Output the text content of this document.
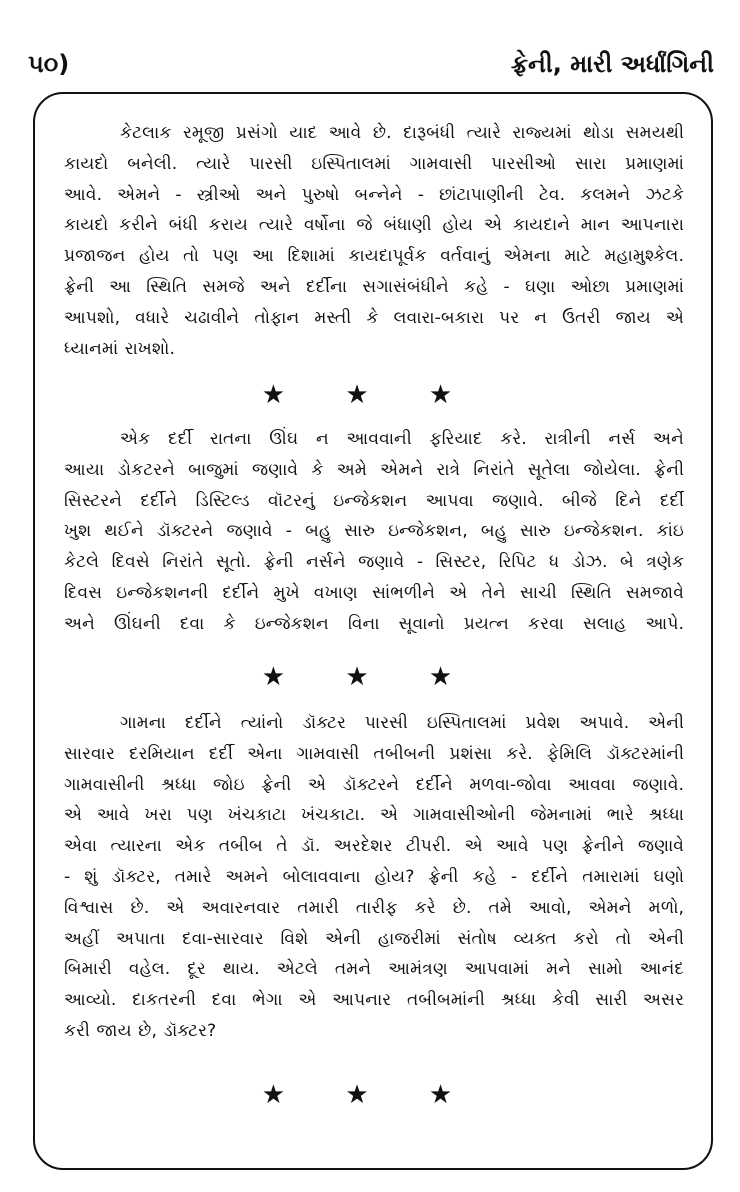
૫૦)	ફ્રેની, મારી અર્ધાંગિની

કેટલાક રમૂજી પ્રસંગો યાદ આવે છે. દારૂબંધી ત્યારે રાજ્યમાં થોડા સમયથી
કાયદો બનેલી. ત્યારે પારસી ઇસ્પિતાલમાં ગામવાસી પારસીઓ સારા પ્રમાણમાં
આવે. એમને - સ્ત્રીઓ અને પુરુષો બન્નેને - છાંટાપાણીની ટેવ. કલમને ઝટકે
કાયદો કરીને બંધી કરાય ત્યારે વર્ષોના જે બંધાણી હોય એ કાયદાને માન આપનારા
પ્રજાજન હોય તો પણ આ દિશામાં કાયદાપૂર્વક વર્તવાનું એમના માટે મહામુશ્કેલ.
ફ્રેની આ સ્થિતિ સમજે અને દર્દીના સગાસંબંધીને કહે - ઘણા ઓછા પ્રમાણમાં
આપશો, વધારે ચઢાવીને તોફાન મસ્તી કે લવારા-બકારા પર ન ઉતરી જાય એ
ધ્યાનમાં રાખશો.

★ ★ ★

એક દર્દી રાતના ઊંઘ ન આવવાની ફરિયાદ કરે. રાત્રીની નર્સ અને
આયા ડોકટરને બાજુમાં જણાવે કે અમે એમને રાત્રે નિરાંતે સૂતેલા જોયેલા. ફ્રેની
સિસ્ટરને દર્દીને ડિસ્ટિલ્ડ વૉટરનું ઇન્જેકશન આપવા જણાવે. બીજે દિને દર્દી
ખુશ થઈને ડૉક્ટરને જણાવે - બહુ સારુ ઇન્જેકશન, બહુ સારુ ઇન્જેકશન. કાંઇ
કેટલે દિવસે નિરાંતે સૂતો. ફ્રેની નર્સને જણાવે - સિસ્ટર, રિપિટ ધ ડોઝ. બે ત્રણેક
દિવસ ઇન્જેકશનની દર્દીને મુખે વખાણ સાંભળીને એ તેને સાચી સ્થિતિ સમજાવે
અને ઊંઘની દવા કે ઇન્જેકશન વિના સૂવાનો પ્રયત્ન કરવા સલાહ આપે.

★ ★ ★

ગામના દર્દીને ત્યાંનો ડૉક્ટર પારસી ઇસ્પિતાલમાં પ્રવેશ અપાવે. એની
સારવાર દરમિયાન દર્દી એના ગામવાસી તબીબની પ્રશંસા કરે. ફેમિલિ ડૉક્ટરમાંની
ગામવાસીની શ્રધ્ધા જોઇ ફ્રેની એ ડૉક્ટરને દર્દીને મળવા-જોવા આવવા જણાવે.
એ આવે ખરા પણ ખંચકાટા ખંચકાટા. એ ગામવાસીઓની જેમનામાં ભારે શ્રધ્ધા
એવા ત્યારના એક તબીબ તે ડૉ. અરદેશર ટીપરી. એ આવે પણ ફ્રેનીને જણાવે
- શું ડૉક્ટર, તમારે અમને બોલાવવાના હોય? ફ્રેની કહે - દર્દીને તમારામાં ઘણો
વિશ્વાસ છે. એ અવારનવાર તમારી તારીફ કરે છે. તમે આવો, એમને મળો,
અહીં અપાતા દવા-સારવાર વિશે એની હાજરીમાં સંતોષ વ્યક્ત કરો તો એની
બિમારી વહેલ. દૂર થાય. એટલે તમને આમંત્રણ આપવામાં મને સામો આનંદ
આવ્યો. દાકતરની દવા ભેગા એ આપનાર તબીબમાંની શ્રધ્ધા કેવી સારી અસર
કરી જાય છે, ડૉક્ટર?

★ ★ ★
